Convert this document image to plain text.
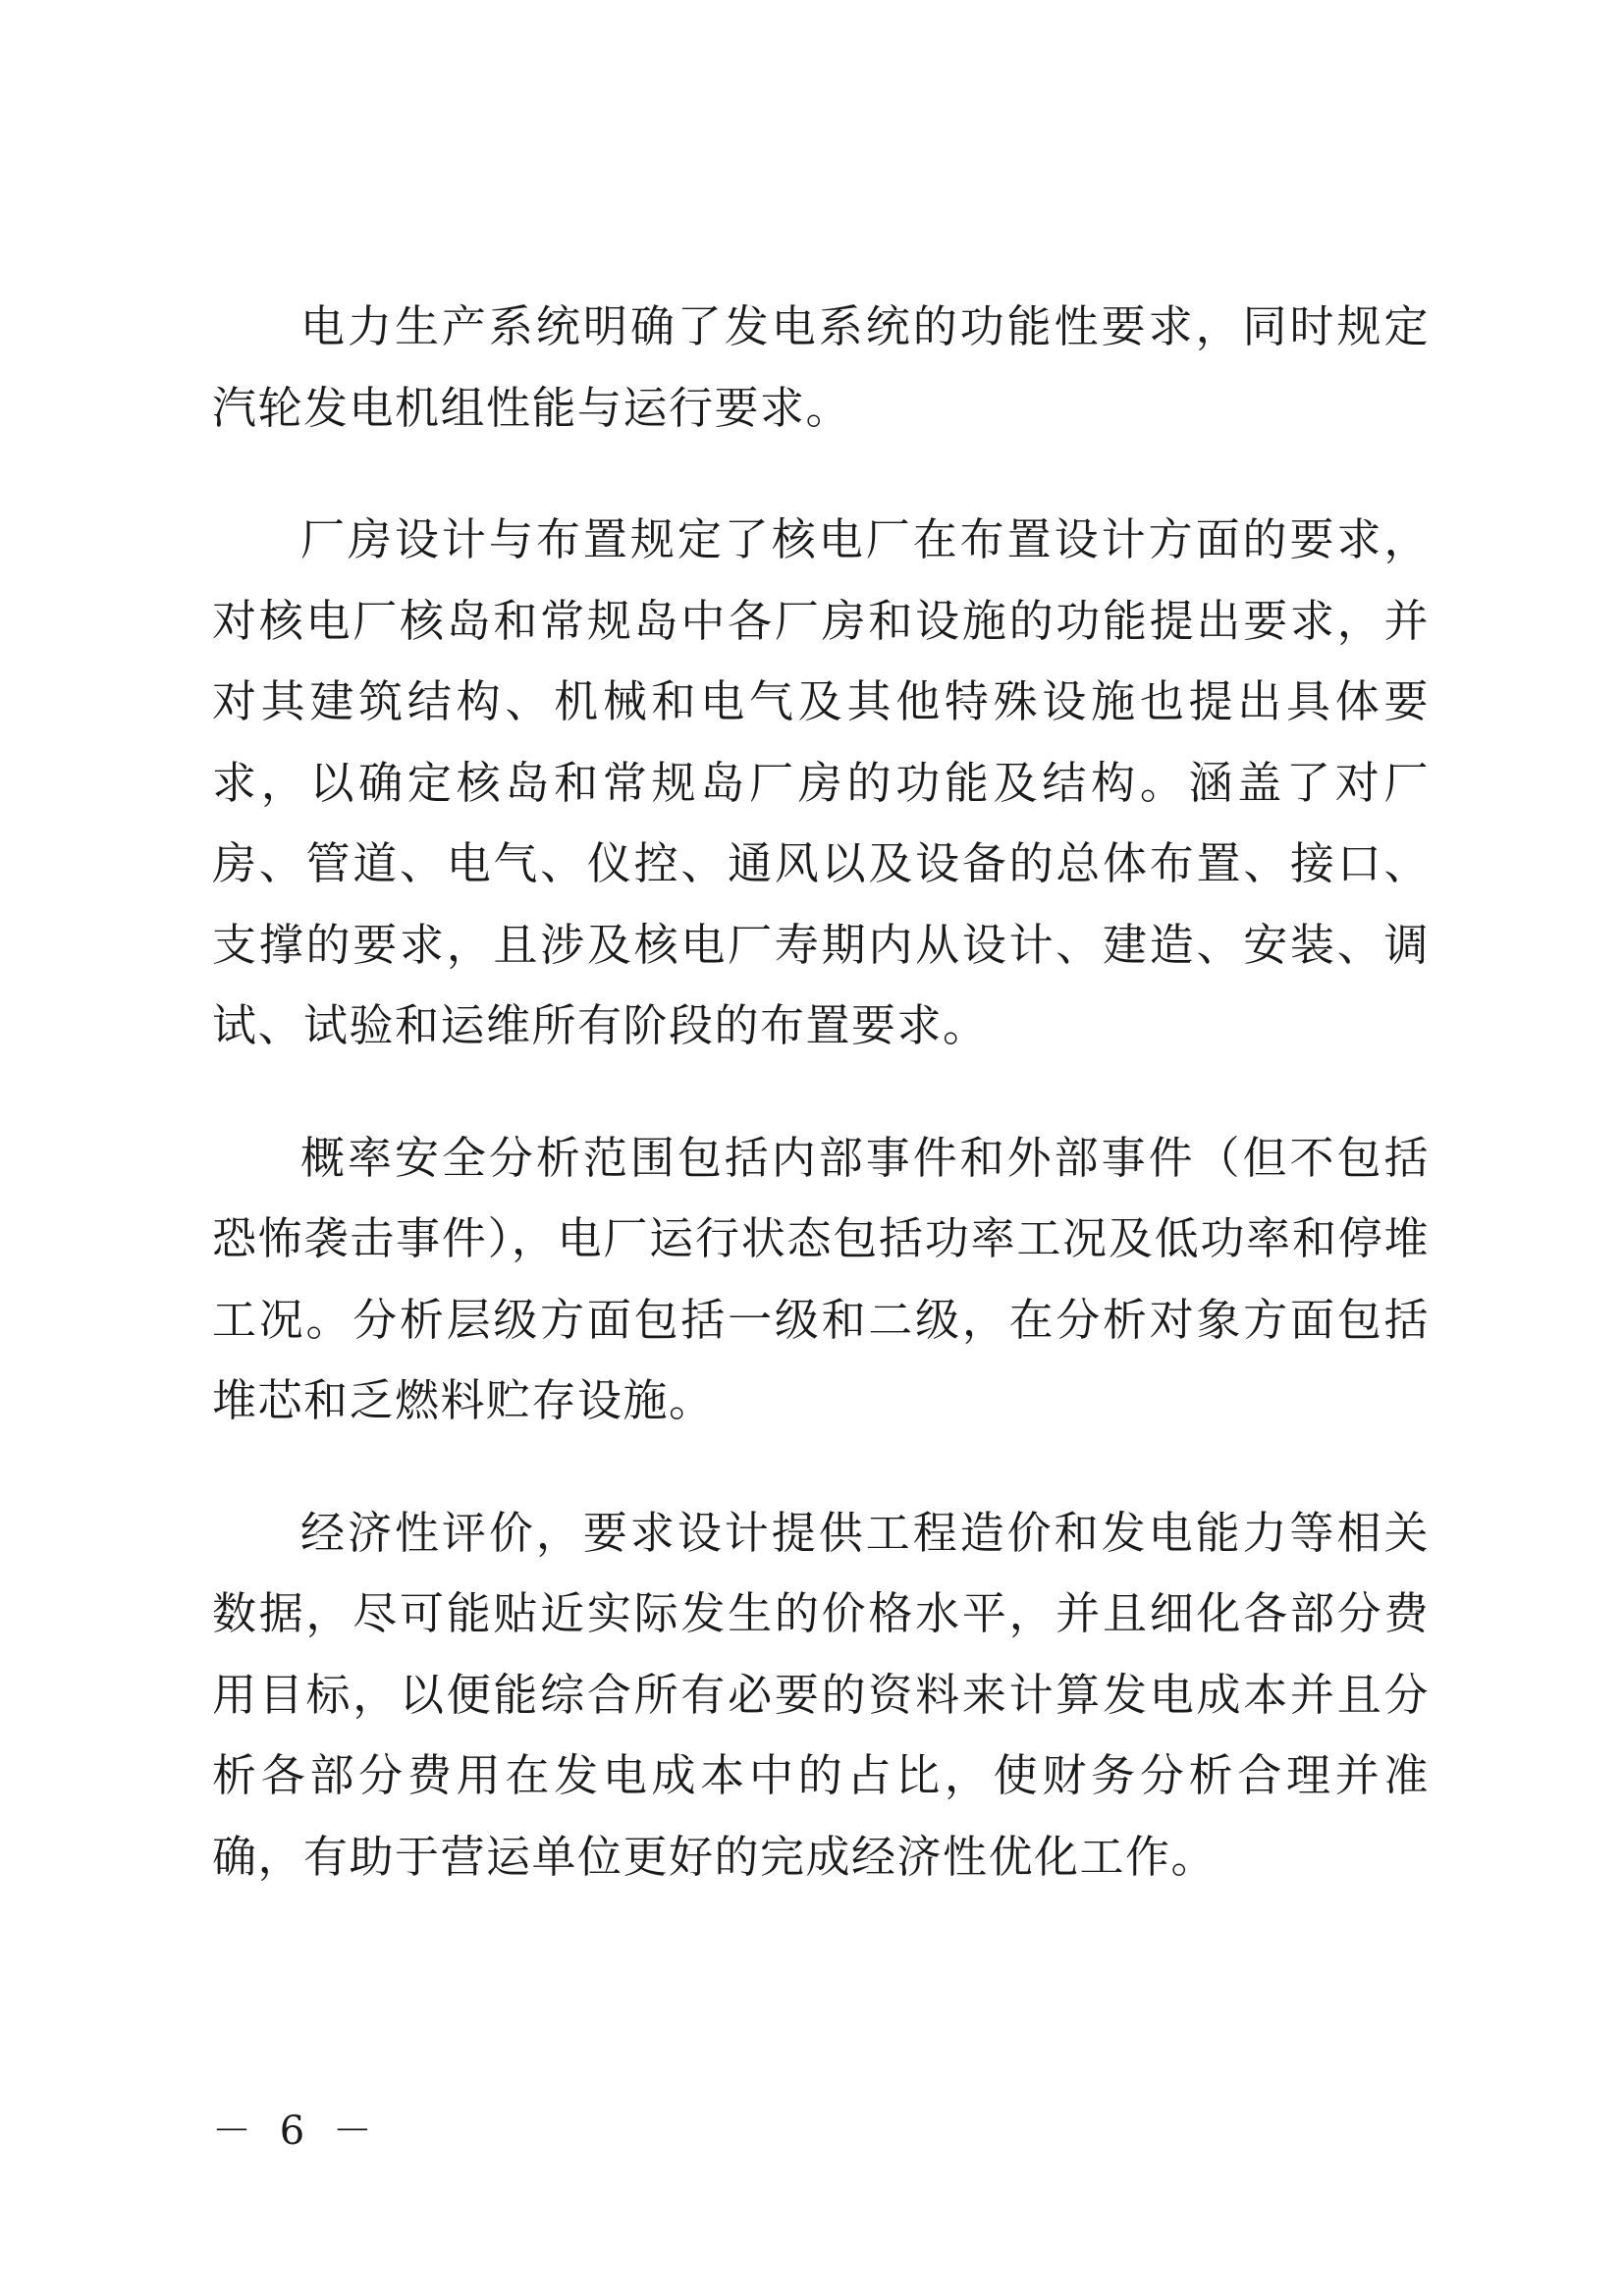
电力生产系统明确了发电系统的功能性要求，同时规定汽轮发电机组性能与运行要求。

厂房设计与布置规定了核电厂在布置设计方面的要求，对核电厂核岛和常规岛中各厂房和设施的功能提出要求，并对其建筑结构、机械和电气及其他特殊设施也提出具体要求，以确定核岛和常规岛厂房的功能及结构。涵盖了对厂房、管道、电气、仪控、通风以及设备的总体布置、接口、支撑的要求，且涉及核电厂寿期内从设计、建造、安装、调试、试验和运维所有阶段的布置要求。

概率安全分析范围包括内部事件和外部事件（但不包括恐怖袭击事件），电厂运行状态包括功率工况及低功率和停堆工况。分析层级方面包括一级和二级，在分析对象方面包括堆芯和乏燃料贮存设施。

经济性评价，要求设计提供工程造价和发电能力等相关数据，尽可能贴近实际发生的价格水平，并且细化各部分费用目标，以便能综合所有必要的资料来计算发电成本并且分析各部分费用在发电成本中的占比，使财务分析合理并准确，有助于营运单位更好的完成经济性优化工作。

－ 6 －
